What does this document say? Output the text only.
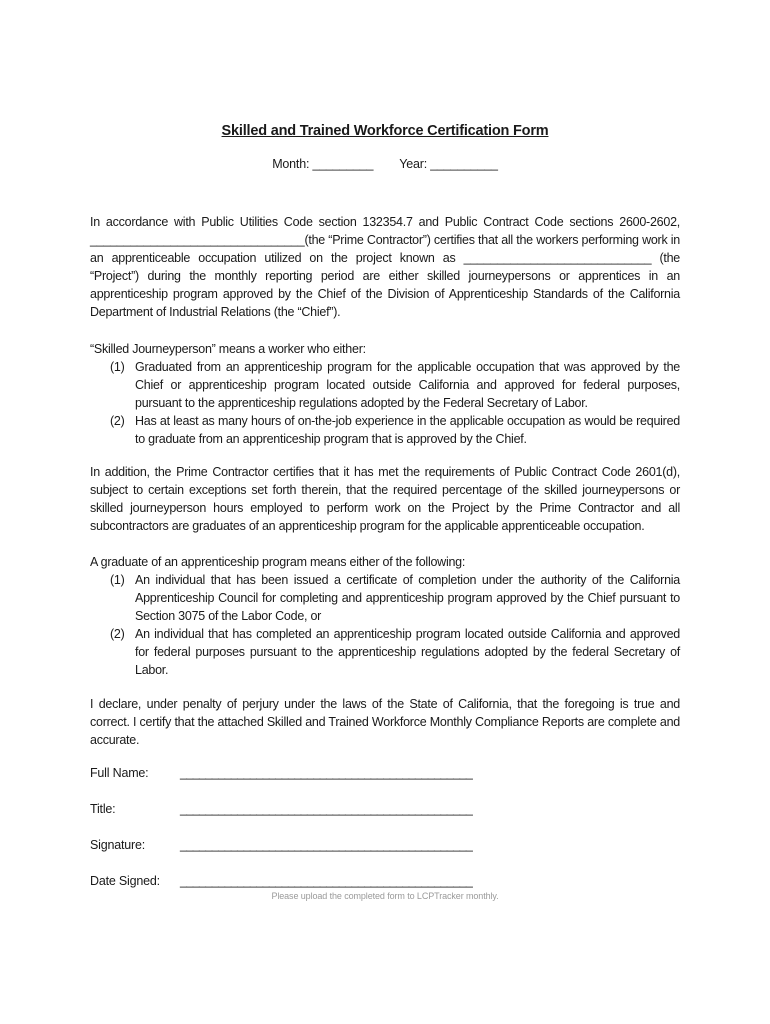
Skilled and Trained Workforce Certification Form
Month: _________ Year: __________

In accordance with Public Utilities Code section 132354.7 and Public Contract Code sections 2600-2602, ________________________________(the “Prime Contractor”) certifies that all the workers performing work in an apprenticeable occupation utilized on the project known as ____________________________ (the “Project”) during the monthly reporting period are either skilled journeypersons or apprentices in an apprenticeship program approved by the Chief of the Division of Apprenticeship Standards of the California Department of Industrial Relations (the “Chief”).

“Skilled Journeyperson” means a worker who either:

(1) Graduated from an apprenticeship program for the applicable occupation that was approved by the Chief or apprenticeship program located outside California and approved for federal purposes, pursuant to the apprenticeship regulations adopted by the Federal Secretary of Labor.
(2) Has at least as many hours of on-the-job experience in the applicable occupation as would be required to graduate from an apprenticeship program that is approved by the Chief.

In addition, the Prime Contractor certifies that it has met the requirements of Public Contract Code 2601(d), subject to certain exceptions set forth therein, that the required percentage of the skilled journeypersons or skilled journeyperson hours employed to perform work on the Project by the Prime Contractor and all subcontractors are graduates of an apprenticeship program for the applicable apprenticeable occupation.

A graduate of an apprenticeship program means either of the following:

(1) An individual that has been issued a certificate of completion under the authority of the California Apprenticeship Council for completing and apprenticeship program approved by the Chief pursuant to Section 3075 of the Labor Code, or
(2) An individual that has completed an apprenticeship program located outside California and approved for federal purposes pursuant to the apprenticeship regulations adopted by the federal Secretary of Labor.

I declare, under penalty of perjury under the laws of the State of California, that the foregoing is true and correct. I certify that the attached Skilled and Trained Workforce Monthly Compliance Reports are complete and accurate.

Full Name:	______________________________________________
Title:	______________________________________________
Signature:	______________________________________________
Date Signed: ______________________________________________
Please upload the completed form to LCPTracker monthly.
